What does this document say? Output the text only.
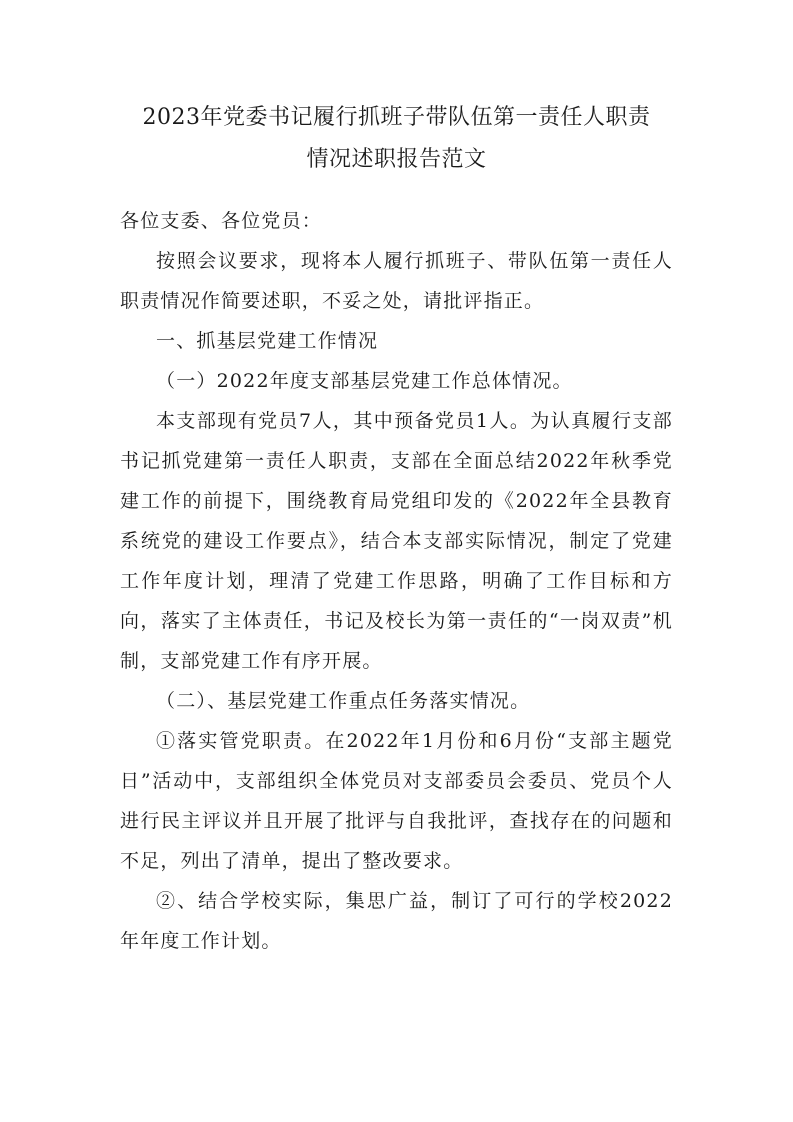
2023年党委书记履行抓班子带队伍第一责任人职责
情况述职报告范文

各位支委、各位党员：

按照会议要求，现将本人履行抓班子、带队伍第一责任人职责情况作简要述职，不妥之处，请批评指正。

一、抓基层党建工作情况

（一）2022年度支部基层党建工作总体情况。

本支部现有党员7人，其中预备党员1人。为认真履行支部书记抓党建第一责任人职责，支部在全面总结2022年秋季党建工作的前提下，围绕教育局党组印发的《2022年全县教育系统党的建设工作要点》，结合本支部实际情况，制定了党建工作年度计划，理清了党建工作思路，明确了工作目标和方向，落实了主体责任，书记及校长为第一责任的“一岗双责”机制，支部党建工作有序开展。

（二）、基层党建工作重点任务落实情况。

①落实管党职责。在2022年1月份和6月份“支部主题党日”活动中，支部组织全体党员对支部委员会委员、党员个人进行民主评议并且开展了批评与自我批评，查找存在的问题和不足，列出了清单，提出了整改要求。

②、结合学校实际，集思广益，制订了可行的学校2022年年度工作计划。
